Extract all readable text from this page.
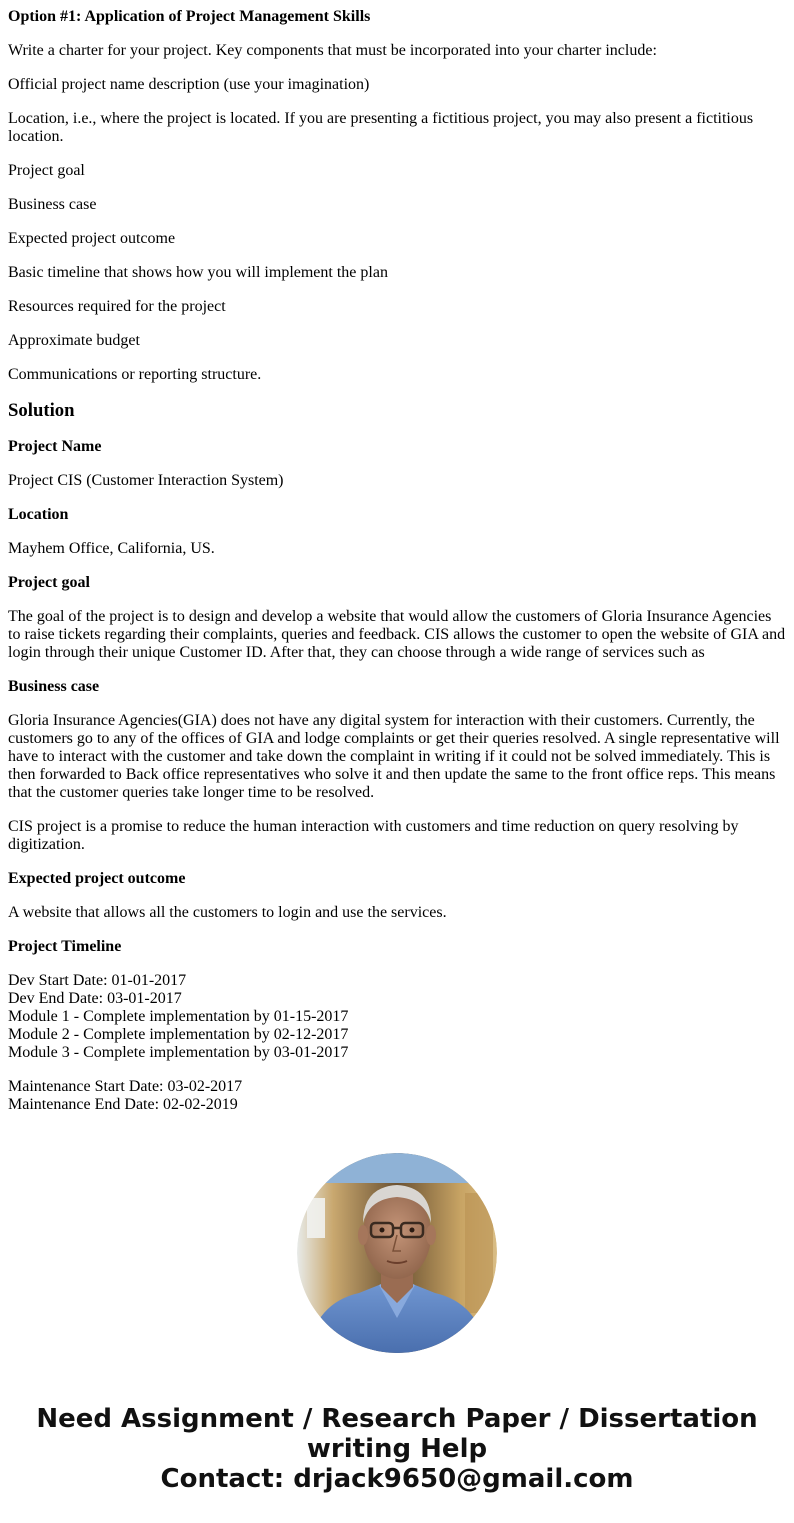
Option #1: Application of Project Management Skills

Write a charter for your project. Key components that must be incorporated into your charter include:

Official project name description (use your imagination)

Location, i.e., where the project is located. If you are presenting a fictitious project, you may also present a fictitious location.

Project goal

Business case

Expected project outcome

Basic timeline that shows how you will implement the plan

Resources required for the project

Approximate budget

Communications or reporting structure.

Solution

Project Name

Project CIS (Customer Interaction System)

Location

Mayhem Office, California, US.

Project goal

The goal of the project is to design and develop a website that would allow the customers of Gloria Insurance Agencies to raise tickets regarding their complaints, queries and feedback. CIS allows the customer to open the website of GIA and login through their unique Customer ID. After that, they can choose through a wide range of services such as

Business case

Gloria Insurance Agencies(GIA) does not have any digital system for interaction with their customers. Currently, the customers go to any of the offices of GIA and lodge complaints or get their queries resolved. A single representative will have to interact with the customer and take down the complaint in writing if it could not be solved immediately. This is then forwarded to Back office representatives who solve it and then update the same to the front office reps. This means that the customer queries take longer time to be resolved.

CIS project is a promise to reduce the human interaction with customers and time reduction on query resolving by digitization.

Expected project outcome

A website that allows all the customers to login and use the services.

Project Timeline

Dev Start Date: 01-01-2017
Dev End Date: 03-01-2017
Module 1 - Complete implementation by 01-15-2017
Module 2 - Complete implementation by 02-12-2017
Module 3 - Complete implementation by 03-01-2017

Maintenance Start Date: 03-02-2017
Maintenance End Date: 02-02-2019

Need Assignment / Research Paper / Dissertation
writing Help
Contact: drjack9650@gmail.com
